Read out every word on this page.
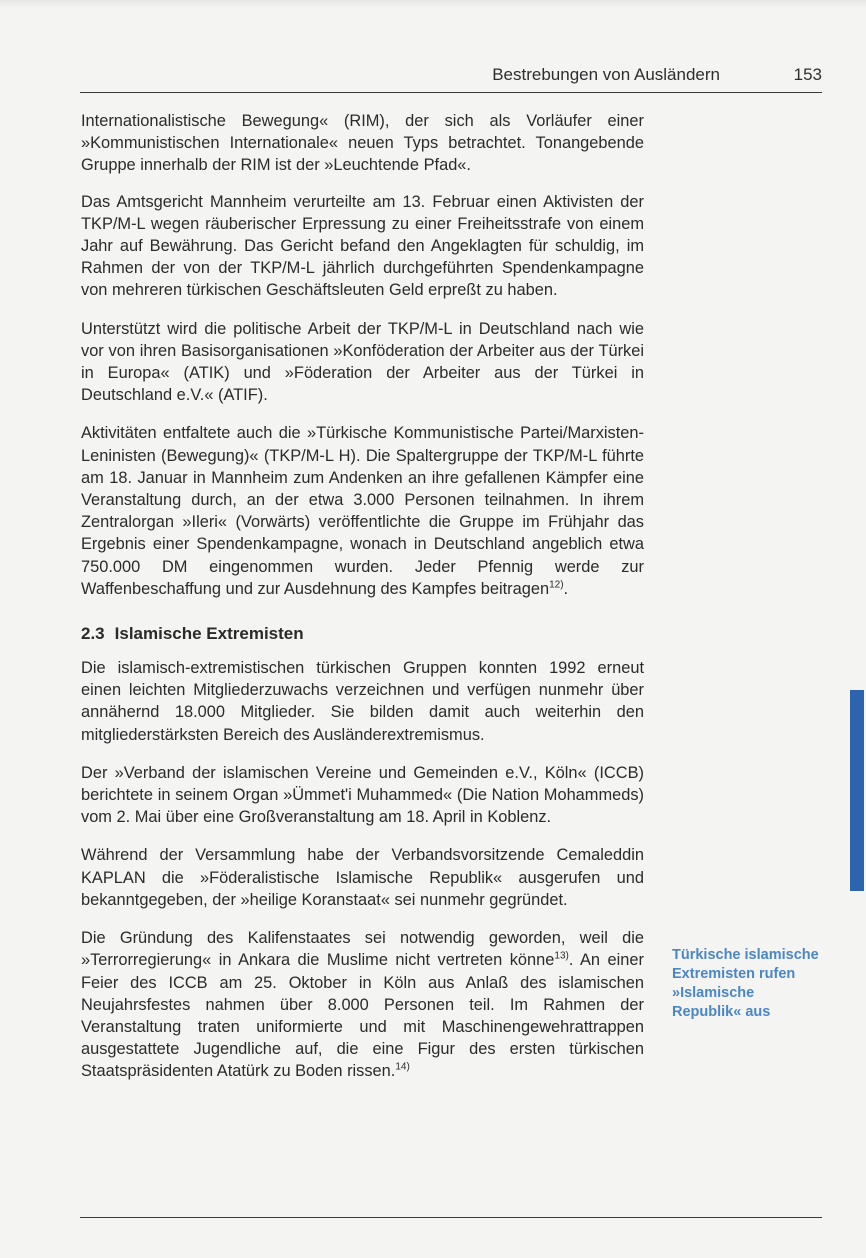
Bestrebungen von Ausländern	153

Internationalistische Bewegung« (RIM), der sich als Vorläufer einer »Kommunistischen Internationale« neuen Typs betrachtet. Tonangebende Gruppe innerhalb der RIM ist der »Leuchtende Pfad«.

Das Amtsgericht Mannheim verurteilte am 13. Februar einen Aktivisten der TKP/M-L wegen räuberischer Erpressung zu einer Freiheitsstrafe von einem Jahr auf Bewährung. Das Gericht befand den Angeklagten für schuldig, im Rahmen der von der TKP/M-L jährlich durchgeführten Spendenkampagne von mehreren türkischen Geschäftsleuten Geld erpreßt zu haben.

Unterstützt wird die politische Arbeit der TKP/M-L in Deutschland nach wie vor von ihren Basisorganisationen »Konföderation der Arbeiter aus der Türkei in Europa« (ATIK) und »Föderation der Arbeiter aus der Türkei in Deutschland e.V.« (ATIF).

Aktivitäten entfaltete auch die »Türkische Kommunistische Partei/Marxisten-Leninisten (Bewegung)« (TKP/M-L H). Die Spaltergruppe der TKP/M-L führte am 18. Januar in Mannheim zum Andenken an ihre gefallenen Kämpfer eine Veranstaltung durch, an der etwa 3.000 Personen teilnahmen. In ihrem Zentralorgan »Ileri« (Vorwärts) veröffentlichte die Gruppe im Frühjahr das Ergebnis einer Spendenkampagne, wonach in Deutschland angeblich etwa 750.000 DM eingenommen wurden. Jeder Pfennig werde zur Waffenbeschaffung und zur Ausdehnung des Kampfes beitragen$^{12)}$.

2.3 Islamische Extremisten

Die islamisch-extremistischen türkischen Gruppen konnten 1992 erneut einen leichten Mitgliederzuwachs verzeichnen und verfügen nunmehr über annähernd 18.000 Mitglieder. Sie bilden damit auch weiterhin den mitgliederstärksten Bereich des Ausländerextremismus.

Der »Verband der islamischen Vereine und Gemeinden e.V., Köln« (ICCB) berichtete in seinem Organ »Ümmet'i Muhammed« (Die Nation Mohammeds) vom 2. Mai über eine Großveranstaltung am 18. April in Koblenz.

Während der Versammlung habe der Verbandsvorsitzende Cemaleddin KAPLAN die »Föderalistische Islamische Republik« ausgerufen und bekanntgegeben, der »heilige Koranstaat« sei nunmehr gegründet.

Die Gründung des Kalifenstaates sei notwendig geworden, weil die »Terrorregierung« in Ankara die Muslime nicht vertreten könne$^{13)}$. An einer Feier des ICCB am 25. Oktober in Köln aus Anlaß des islamischen Neujahrsfestes nahmen über 8.000 Personen teil. Im Rahmen der Veranstaltung traten uniformierte und mit Maschinengewehrattrappen ausgestattete Jugendliche auf, die eine Figur des ersten türkischen Staatspräsidenten Atatürk zu Boden rissen.$^{14)}$

Türkische islamische Extremisten rufen »Islamische Republik« aus
